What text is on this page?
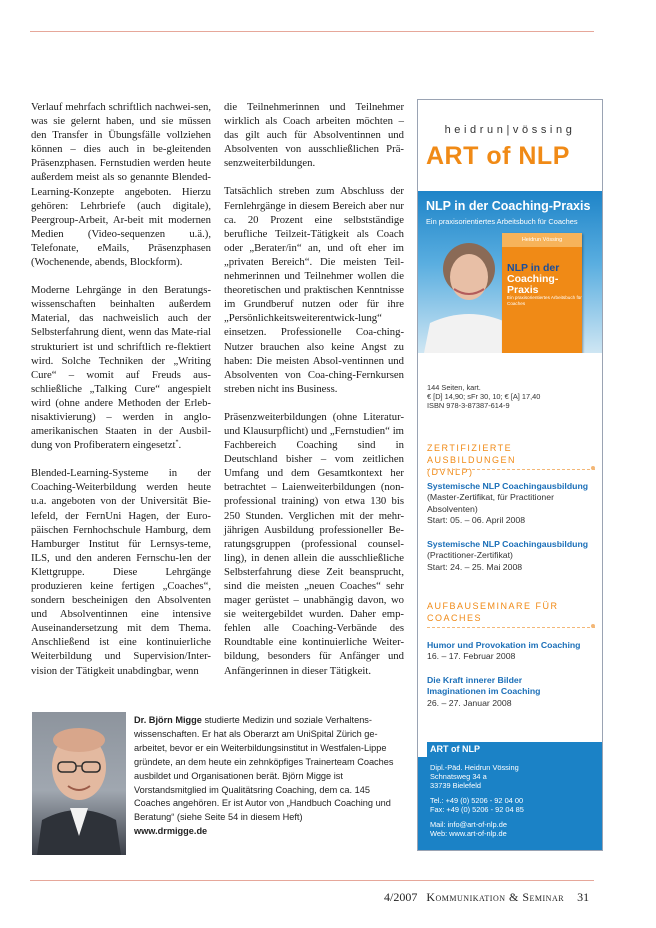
Verlauf mehrfach schriftlich nachwei-sen, was sie gelernt haben, und sie müssen den Transfer in Übungsfälle vollziehen können – dies auch in be-gleitenden Präsenzphasen. Fernstudien werden heute außerdem meist als so genannte Blended-Learning-Konzepte angeboten. Hierzu gehören: Lehrbriefe (auch digitale), Peergroup-Arbeit, Ar-beit mit modernen Medien (Video-sequenzen u.ä.), Telefonate, eMails, Präsenzphasen (Wochenende, abends, Blockform).

Moderne Lehrgänge in den Beratungs-wissenschaften beinhalten außerdem Material, das nachweislich auch der Selbsterfahrung dient, wenn das Mate-rial strukturiert ist und schriftlich re-flektiert wird. Solche Techniken der „Writing Cure“ – womit auf Freuds aus-schließliche „Talking Cure“ angespielt wird (ohne andere Methoden der Erleb-nisaktivierung) – werden in anglo-amerikanischen Staaten in der Ausbil-dung von Profiberatern eingesetzt*.

Blended-Learning-Systeme in der Coaching-Weiterbildung werden heute u.a. angeboten von der Universität Bie-lefeld, der FernUni Hagen, der Euro-päischen Fernhochschule Hamburg, dem Hamburger Institut für Lernsys-teme, ILS, und den anderen Fernschu-len der Klettgruppe. Diese Lehrgänge produzieren keine fertigen „Coaches“, sondern bescheinigen den Absolventen und Absolventinnen eine intensive Auseinandersetzung mit dem Thema. Anschließend ist eine kontinuierliche Weiterbildung und Supervision/Inter-vision der Tätigkeit unabdingbar, wenn

die Teilnehmerinnen und Teilnehmer wirklich als Coach arbeiten möchten – das gilt auch für Absolventinnen und Absolventen von ausschließlichen Prä-senzweiterbildungen.

Tatsächlich streben zum Abschluss der Fernlehrgänge in diesem Bereich aber nur ca. 20 Prozent eine selbstständige berufliche Teilzeit-Tätigkeit als Coach oder „Berater/in“ an, und oft eher im „privaten Bereich“. Die meisten Teil-nehmerinnen und Teilnehmer wollen die theoretischen und praktischen Kenntnisse im Grundberuf nutzen oder für ihre „Persönlichkeitsweiterentwick-lung“ einsetzen. Professionelle Coa-ching-Nutzer brauchen also keine Angst zu haben: Die meisten Absol-ventinnen und Absolventen von Coa-ching-Fernkursen streben nicht ins Business.

Präsenzweiterbildungen (ohne Literatur- und Klausurpflicht) und „Fernstudien“ im Fachbereich Coaching sind in Deutschland bisher – vom zeitlichen Umfang und dem Gesamtkontext her betrachtet – Laienweiterbildungen (non-professional training) von etwa 130 bis 250 Stunden. Verglichen mit der mehr-jährigen Ausbildung professioneller Be-ratungsgruppen (professional counsel-ling), in denen allein die ausschließliche Selbsterfahrung diese Zeit beansprucht, sind die meisten „neuen Coaches“ sehr mager gerüstet – unabhängig davon, wo sie weitergebildet wurden. Daher emp-fehlen alle Coaching-Verbände des Roundtable eine kontinuierliche Weiter-bildung, besonders für Anfänger und Anfängerinnen in dieser Tätigkeit.

Dr. Björn Migge studierte Medizin und soziale Verhaltens-wissenschaften. Er hat als Oberarzt am UniSpital Zürich ge-arbeitet, bevor er ein Weiterbildungsinstitut in Westfalen-Lippe gründete, an dem heute ein zehnköpfiges Trainerteam Coaches ausbildet und Organisationen berät. Björn Migge ist Vorstandsmitglied im Qualitätsring Coaching, dem ca. 145 Coaches angehören. Er ist Autor von „Handbuch Coaching und Beratung“ (siehe Seite 54 in diesem Heft)
www.drmigge.de
heidrun|vössing
ART of NLP
NLP in der Coaching-Praxis
Ein praxisorientiertes Arbeitsbuch für Coaches
Heidrun Vössing
NLP in der
Coaching-Praxis
Ein praxisorientiertes Arbeitsbuch für Coaches
144 Seiten, kart.
€ [D] 14,90; sFr 30, 10; € [A] 17,40
ISBN 978-3-87387-614-9
ZERTIFIZIERTE AUSBILDUNGEN
(DVNLP)
Systemische NLP Coachingausbildung
(Master-Zertifikat, für Practitioner
Absolventen)
Start: 05. – 06. April 2008
Systemische NLP Coachingausbildung
(Practitioner-Zertifikat)
Start: 24. – 25. Mai 2008
AUFBAUSEMINARE FÜR
COACHES
Humor und Provokation im Coaching
16. – 17. Februar 2008
Die Kraft innerer Bilder
Imaginationen im Coaching
26. – 27. Januar 2008
ART of NLP
Dipl.-Päd. Heidrun Vössing
Schnatsweg 34 a
33739 Bielefeld
Tel.: +49 (0) 5206 - 92 04 00
Fax: +49 (0) 5206 - 92 04 85
Mail: info@art-of-nlp.de
Web: www.art-of-nlp.de
4/2007 Kommunikation & Seminar 31
